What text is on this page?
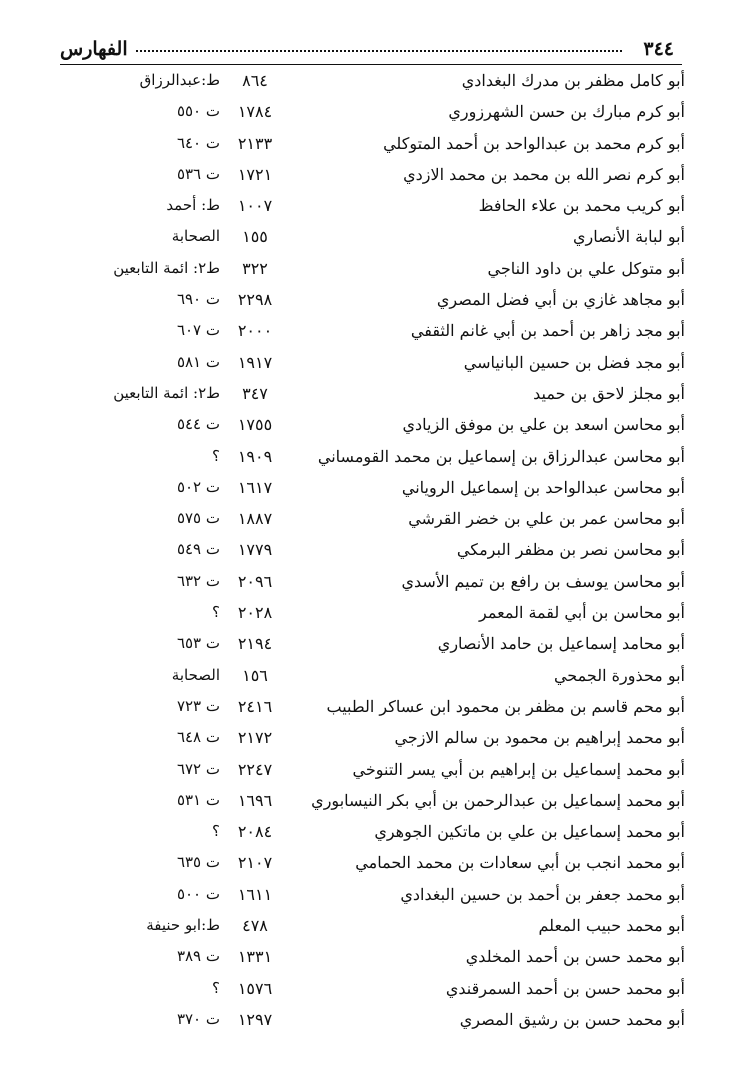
٣٤٤
الفهارس
أبو كامل مظفر بن مدرك البغدادي
٨٦٤
ط:عبدالرزاق
أبو كرم مبارك بن حسن الشهرزوري
١٧٨٤
ت ٥٥٠
أبو كرم محمد بن عبدالواحد بن أحمد المتوكلي
٢١٣٣
ت ٦٤٠
أبو كرم نصر الله بن محمد بن محمد الازدي
١٧٢١
ت ٥٣٦
أبو كريب محمد بن علاء الحافظ
١٠٠٧
ط: أحمد
أبو لبابة الأنصاري
١٥٥
الصحابة
أبو متوكل علي بن داود الناجي
٣٢٢
ط٢: ائمة التابعين
أبو مجاهد غازي بن أبي فضل المصري
٢٢٩٨
ت ٦٩٠
أبو مجد زاهر بن أحمد بن أبي غانم الثقفي
٢٠٠٠
ت ٦٠٧
أبو مجد فضل بن حسين البانياسي
١٩١٧
ت ٥٨١
أبو مجلز لاحق بن حميد
٣٤٧
ط٢: ائمة التابعين
أبو محاسن اسعد بن علي بن موفق الزيادي
١٧٥٥
ت ٥٤٤
أبو محاسن عبدالرزاق بن إسماعيل بن محمد القومساني
١٩٠٩
؟
أبو محاسن عبدالواحد بن إسماعيل الروياني
١٦١٧
ت ٥٠٢
أبو محاسن عمر بن علي بن خضر القرشي
١٨٨٧
ت ٥٧٥
أبو محاسن نصر بن مظفر البرمكي
١٧٧٩
ت ٥٤٩
أبو محاسن يوسف بن رافع بن تميم الأسدي
٢٠٩٦
ت ٦٣٢
أبو محاسن بن أبي لقمة المعمر
٢٠٢٨
؟
أبو محامد إسماعيل بن حامد الأنصاري
٢١٩٤
ت ٦٥٣
أبو محذورة الجمحي
١٥٦
الصحابة
أبو محم قاسم بن مظفر بن محمود ابن عساكر الطبيب
٢٤١٦
ت ٧٢٣
أبو محمد إبراهيم بن محمود بن سالم الازجي
٢١٧٢
ت ٦٤٨
أبو محمد إسماعيل بن إبراهيم بن أبي يسر التنوخي
٢٢٤٧
ت ٦٧٢
أبو محمد إسماعيل بن عبدالرحمن بن أبي بكر النيسابوري
١٦٩٦
ت ٥٣١
أبو محمد إسماعيل بن علي بن ماتكين الجوهري
٢٠٨٤
؟
أبو محمد انجب بن أبي سعادات بن محمد الحمامي
٢١٠٧
ت ٦٣٥
أبو محمد جعفر بن أحمد بن حسين البغدادي
١٦١١
ت ٥٠٠
أبو محمد حبيب المعلم
٤٧٨
ط:ابو حنيفة
أبو محمد حسن بن أحمد المخلدي
١٣٣١
ت ٣٨٩
أبو محمد حسن بن أحمد السمرقندي
١٥٧٦
؟
أبو محمد حسن بن رشيق المصري
١٢٩٧
ت ٣٧٠
